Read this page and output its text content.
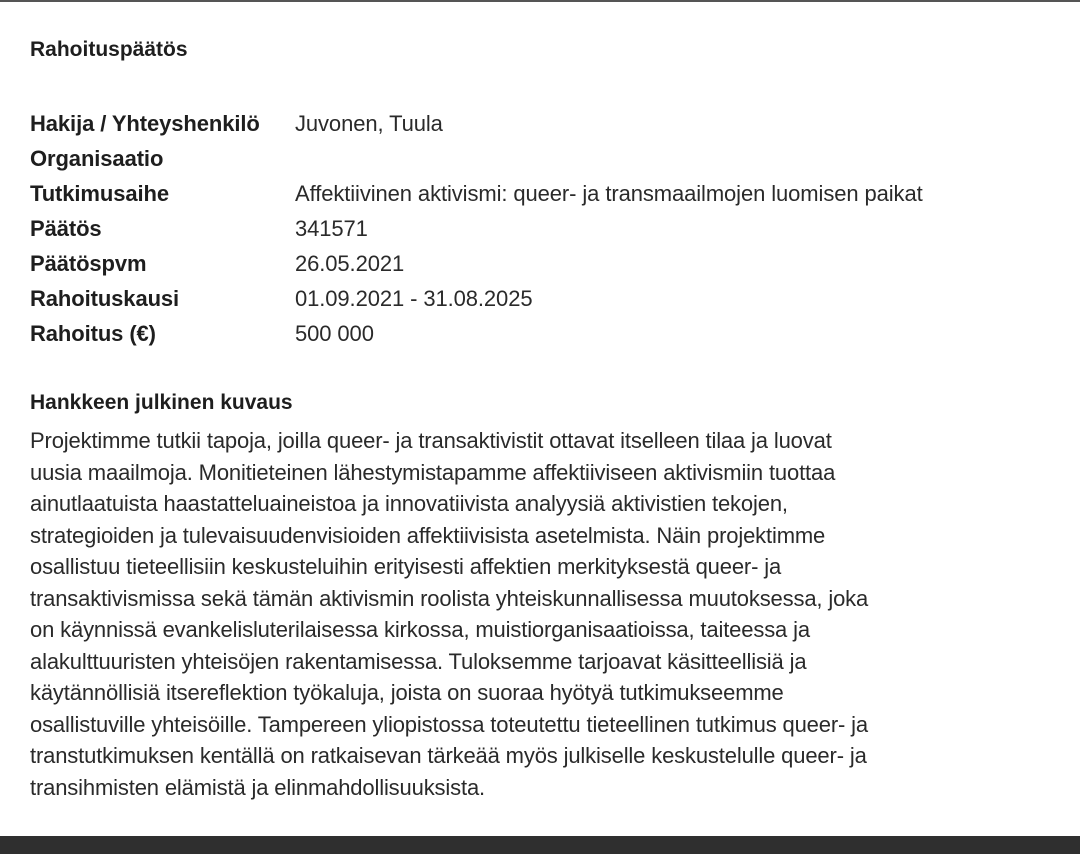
Rahoituspäätös
Hakija / Yhteyshenkilö	Juvonen, Tuula
Organisaatio
Tutkimusaihe	Affektiivinen aktivismi: queer- ja transmaailmojen luomisen paikat
Päätös	341571
Päätöspvm	26.05.2021
Rahoituskausi	01.09.2021 - 31.08.2025
Rahoitus (€)	500 000
Hankkeen julkinen kuvaus
Projektimme tutkii tapoja, joilla queer- ja transaktivistit ottavat itselleen tilaa ja luovat
uusia maailmoja. Monitieteinen lähestymistapamme affektiiviseen aktivismiin tuottaa
ainutlaatuista haastatteluaineistoa ja innovatiivista analyysiä aktivistien tekojen,
strategioiden ja tulevaisuudenvisioiden affektiivisista asetelmista. Näin projektimme
osallistuu tieteellisiin keskusteluihin erityisesti affektien merkityksestä queer- ja
transaktivismissa sekä tämän aktivismin roolista yhteiskunnallisessa muutoksessa, joka
on käynnissä evankelisluterilaisessa kirkossa, muistiorganisaatioissa, taiteessa ja
alakulttuuristen yhteisöjen rakentamisessa. Tuloksemme tarjoavat käsitteellisiä ja
käytännöllisiä itsereflektion työkaluja, joista on suoraa hyötyä tutkimukseemme
osallistuville yhteisöille. Tampereen yliopistossa toteutettu tieteellinen tutkimus queer- ja
transtutkimuksen kentällä on ratkaisevan tärkeää myös julkiselle keskustelulle queer- ja
transihmisten elämistä ja elinmahdollisuuksista.
